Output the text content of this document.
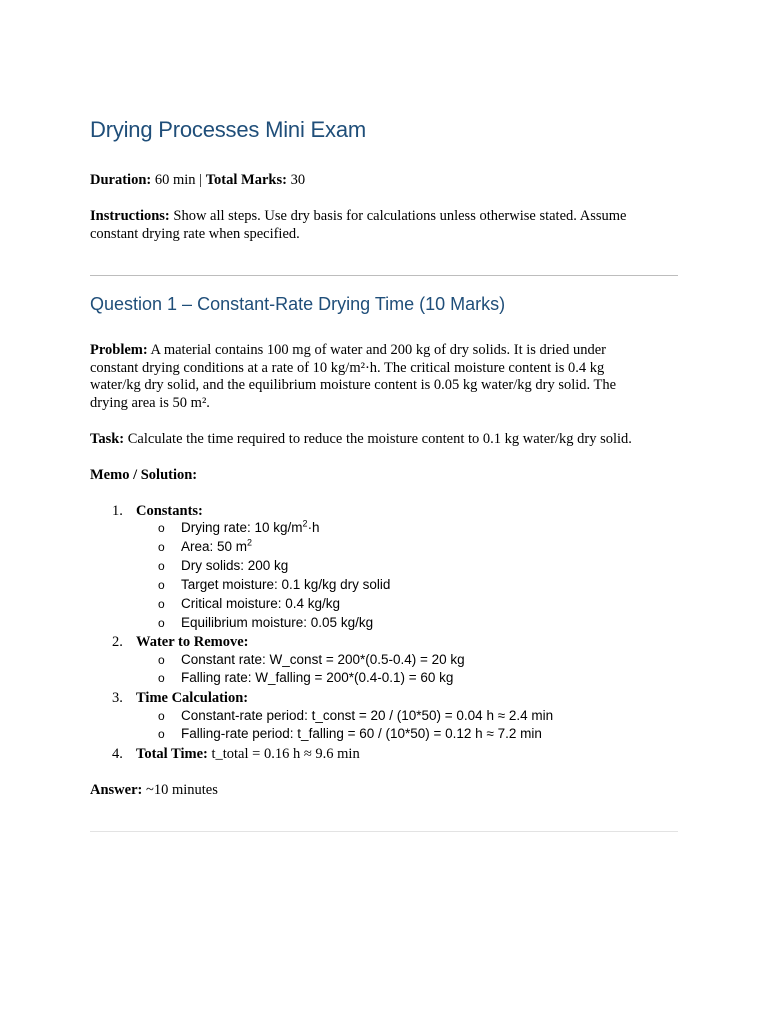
Drying Processes Mini Exam

Duration: 60 min | Total Marks: 30

Instructions: Show all steps. Use dry basis for calculations unless otherwise stated. Assume constant drying rate when specified.

Question 1 – Constant-Rate Drying Time (10 Marks)

Problem: A material contains 100 mg of water and 200 kg of dry solids. It is dried under constant drying conditions at a rate of 10 kg/m²·h. The critical moisture content is 0.4 kg water/kg dry solid, and the equilibrium moisture content is 0.05 kg water/kg dry solid. The drying area is 50 m².

Task: Calculate the time required to reduce the moisture content to 0.1 kg water/kg dry solid.

Memo / Solution:

1. Constants:
o Drying rate: 10 $kg/m^2\cdot h$
o Area: 50 $m^2$
o Dry solids: 200 kg
o Target moisture: 0.1 kg/kg dry solid
o Critical moisture: 0.4 kg/kg
o Equilibrium moisture: 0.05 kg/kg
2. Water to Remove:
o Constant rate: W_const = 200*(0.5-0.4) = 20 kg
o Falling rate: W_falling = 200*(0.4-0.1) = 60 kg
3. Time Calculation:
o Constant-rate period: t_const = 20 / (10*50) = 0.04 h ≈ 2.4 min
o Falling-rate period: t_falling = 60 / (10*50) = 0.12 h ≈ 7.2 min
4. Total Time: t_total = 0.16 h ≈ 9.6 min

Answer: ~10 minutes
